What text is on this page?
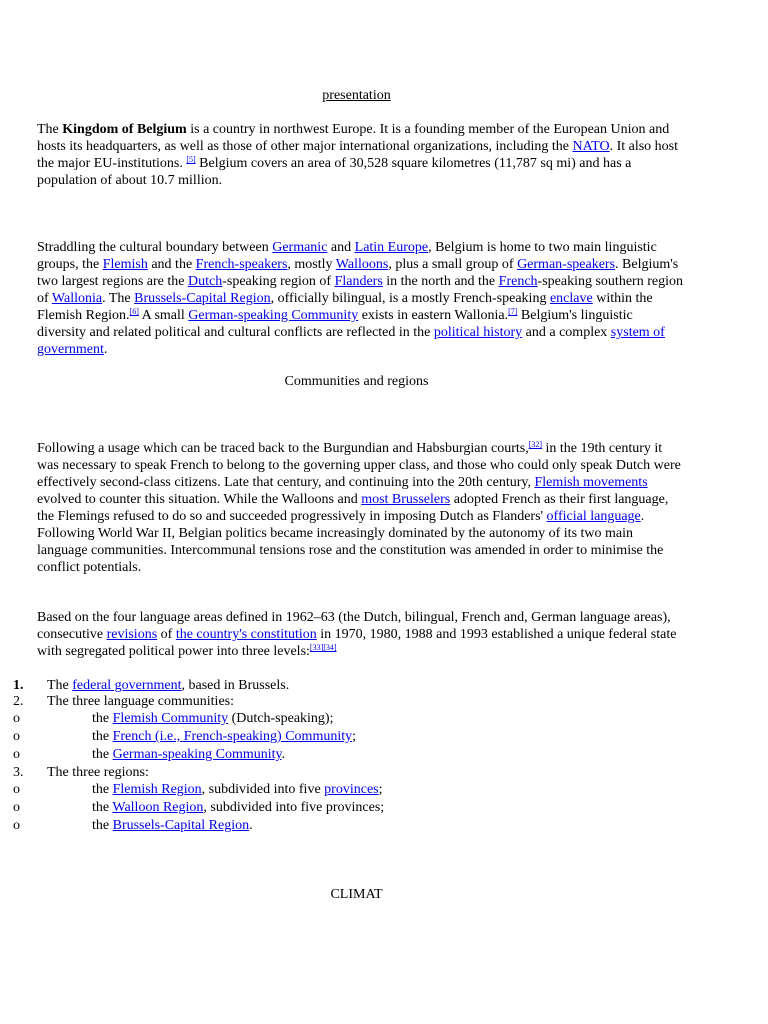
presentation

The Kingdom of Belgium is a country in northwest Europe. It is a founding member of the European Union and hosts its headquarters, as well as those of other major international organizations, including the NATO. It also host the major EU-institutions. [5] Belgium covers an area of 30,528 square kilometres (11,787 sq mi) and has a population of about 10.7 million.

Straddling the cultural boundary between Germanic and Latin Europe, Belgium is home to two main linguistic groups, the Flemish and the French-speakers, mostly Walloons, plus a small group of German-speakers. Belgium's two largest regions are the Dutch-speaking region of Flanders in the north and the French-speaking southern region of Wallonia. The Brussels-Capital Region, officially bilingual, is a mostly French-speaking enclave within the Flemish Region.[6] A small German-speaking Community exists in eastern Wallonia.[7] Belgium's linguistic diversity and related political and cultural conflicts are reflected in the political history and a complex system of government.

Communities and regions

Following a usage which can be traced back to the Burgundian and Habsburgian courts,[32] in the 19th century it was necessary to speak French to belong to the governing upper class, and those who could only speak Dutch were effectively second-class citizens. Late that century, and continuing into the 20th century, Flemish movements evolved to counter this situation. While the Walloons and most Brusselers adopted French as their first language, the Flemings refused to do so and succeeded progressively in imposing Dutch as Flanders' official language. Following World War II, Belgian politics became increasingly dominated by the autonomy of its two main language communities. Intercommunal tensions rose and the constitution was amended in order to minimise the conflict potentials.

Based on the four language areas defined in 1962–63 (the Dutch, bilingual, French and, German language areas), consecutive revisions of the country's constitution in 1970, 1980, 1988 and 1993 established a unique federal state with segregated political power into three levels:[33][34]

1. The federal government, based in Brussels.
2. The three language communities:
o	the Flemish Community (Dutch-speaking);
o	the French (i.e., French-speaking) Community;
o	the German-speaking Community.
3. The three regions:
o	the Flemish Region, subdivided into five provinces;
o	the Walloon Region, subdivided into five provinces;
o	the Brussels-Capital Region.
CLIMAT
